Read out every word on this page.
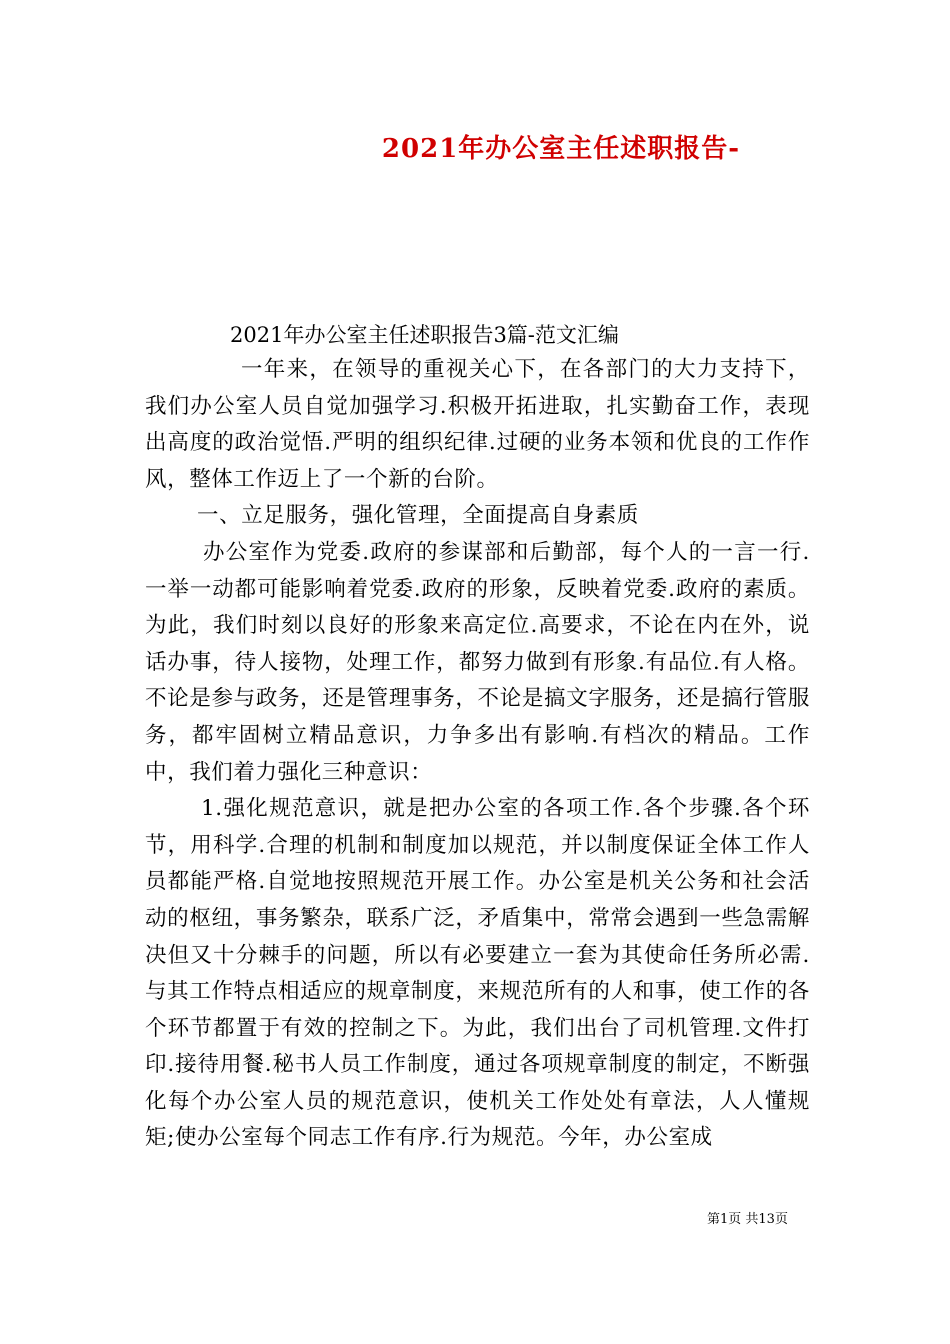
2021年办公室主任述职报告-
2021年办公室主任述职报告3篇-范文汇编

一年来，在领导的重视关心下，在各部门的大力支持下，我们办公室人员自觉加强学习.积极开拓进取，扎实勤奋工作，表现出高度的政治觉悟.严明的组织纪律.过硬的业务本领和优良的工作作风，整体工作迈上了一个新的台阶。

一、立足服务，强化管理，全面提高自身素质

办公室作为党委.政府的参谋部和后勤部，每个人的一言一行.一举一动都可能影响着党委.政府的形象，反映着党委.政府的素质。为此，我们时刻以良好的形象来高定位.高要求，不论在内在外，说话办事，待人接物，处理工作，都努力做到有形象.有品位.有人格。不论是参与政务，还是管理事务，不论是搞文字服务，还是搞行管服务，都牢固树立精品意识，力争多出有影响.有档次的精品。工作中，我们着力强化三种意识：

1.强化规范意识，就是把办公室的各项工作.各个步骤.各个环节，用科学.合理的机制和制度加以规范，并以制度保证全体工作人员都能严格.自觉地按照规范开展工作。办公室是机关公务和社会活动的枢纽，事务繁杂，联系广泛，矛盾集中，常常会遇到一些急需解决但又十分棘手的问题，所以有必要建立一套为其使命任务所必需.与其工作特点相适应的规章制度，来规范所有的人和事，使工作的各个环节都置于有效的控制之下。为此，我们出台了司机管理.文件打印.接待用餐.秘书人员工作制度，通过各项规章制度的制定，不断强化每个办公室人员的规范意识，使机关工作处处有章法，人人懂规矩;使办公室每个同志工作有序.行为规范。今年，办公室成

第1页 共13页
